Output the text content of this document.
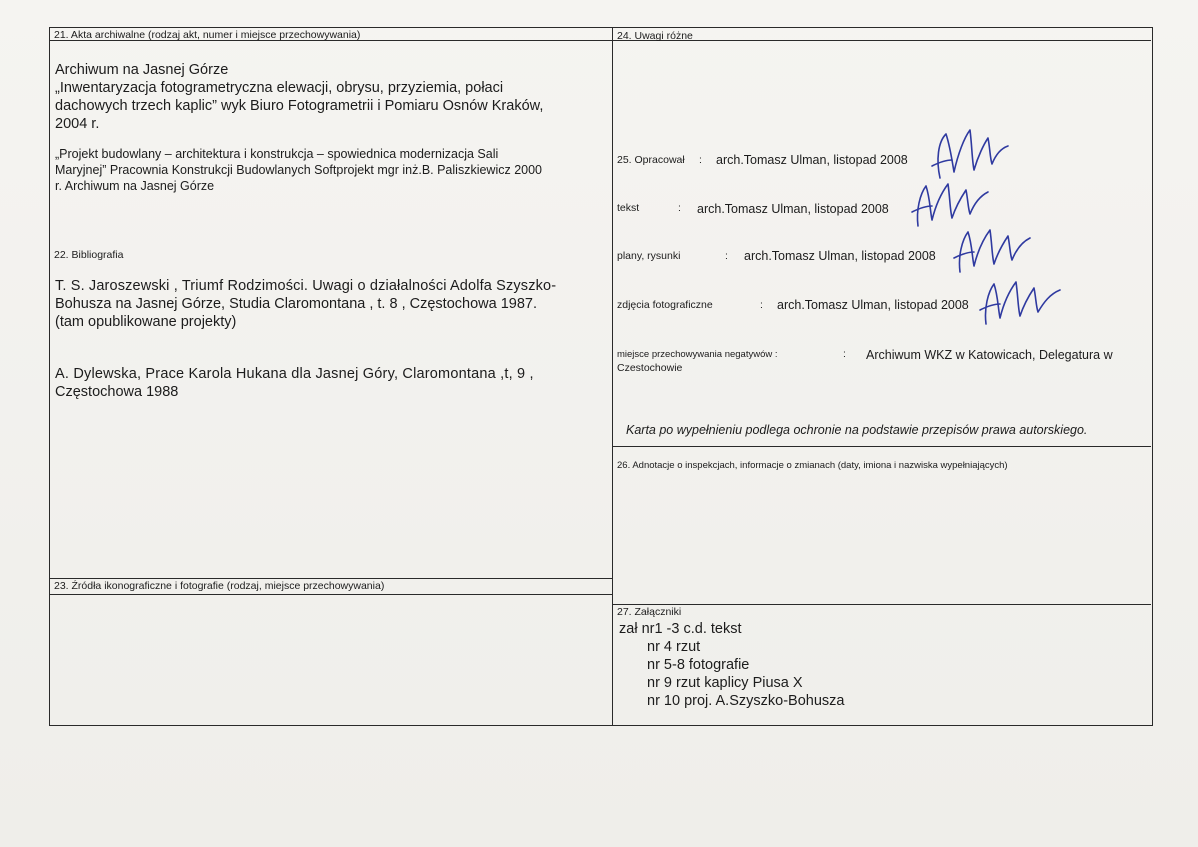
21. Akta archiwalne (rodzaj akt, numer i miejsce przechowywania)
Archiwum na Jasnej Górze
„Inwentaryzacja fotogrametryczna elewacji, obrysu, przyziemia, połaci
dachowych trzech kaplic” wyk Biuro Fotogrametrii i Pomiaru Osnów Kraków,
2004 r.
„Projekt budowlany – architektura i konstrukcja – spowiednica modernizacja Sali
Maryjnej” Pracownia Konstrukcji Budowlanych Softprojekt mgr inż.B. Paliszkiewicz 2000
r. Archiwum na Jasnej Górze
22. Bibliografia
T. S. Jaroszewski , Triumf Rodzimości. Uwagi o działalności Adolfa Szyszko-
Bohusza na Jasnej Górze, Studia Claromontana , t. 8 , Częstochowa 1987.
(tam opublikowane projekty)
A. Dylewska, Prace Karola Hukana dla Jasnej Góry, Claromontana ,t, 9 ,
Częstochowa 1988
23. Źródła ikonograficzne i fotografie (rodzaj, miejsce przechowywania)
24. Uwagi różne
25. Opracował : arch.Tomasz Ulman, listopad 2008
tekst	: arch.Tomasz Ulman, listopad 2008
plany, rysunki	: arch.Tomasz Ulman, listopad 2008
zdjęcia fotograficzne	: arch.Tomasz Ulman, listopad 2008
miejsce przechowywania negatywów :	: Archiwum WKZ w Katowicach, Delegatura w
Czestochowie
Karta po wypełnieniu podlega ochronie na podstawie przepisów prawa autorskiego.
26. Adnotacje o inspekcjach, informacje o zmianach (daty, imiona i nazwiska wypełniających)
27. Załączniki
zał nr1 -3 c.d. tekst
nr 4 rzut
nr 5-8 fotografie
nr 9 rzut kaplicy Piusa X
nr 10 proj. A.Szyszko-Bohusza
